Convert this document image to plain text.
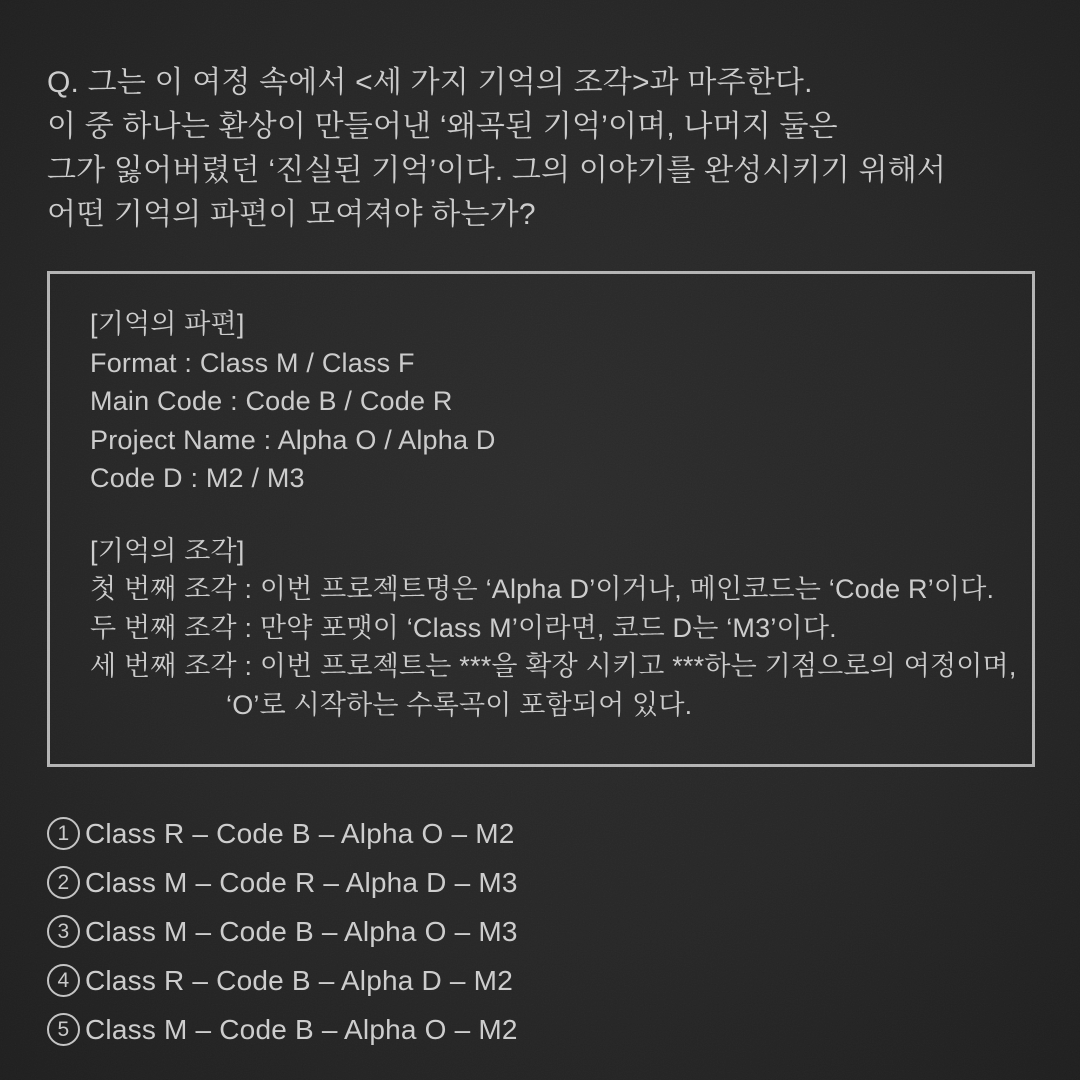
Q. 그는 이 여정 속에서 <세 가지 기억의 조각>과 마주한다.
이 중 하나는 환상이 만들어낸 ‘왜곡된 기억’이며, 나머지 둘은
그가 잃어버렸던 ‘진실된 기억’이다. 그의 이야기를 완성시키기 위해서
어떤 기억의 파편이 모여져야 하는가?
[기억의 파편]
Format : Class M / Class F
Main Code : Code B / Code R
Project Name : Alpha O / Alpha D
Code D : M2 / M3
[기억의 조각]
첫 번째 조각 : 이번 프로젝트명은 ‘Alpha D’이거나, 메인코드는 ‘Code R’이다.
두 번째 조각 : 만약 포맷이 ‘Class M’이라면, 코드 D는 ‘M3’이다.
세 번째 조각 : 이번 프로젝트는 ***을 확장 시키고 ***하는 기점으로의 여정이며,
‘O’로 시작하는 수록곡이 포함되어 있다.
1 Class R – Code B – Alpha O – M2
2 Class M – Code R – Alpha D – M3
3 Class M – Code B – Alpha O – M3
4 Class R – Code B – Alpha D – M2
5 Class M – Code B – Alpha O – M2
